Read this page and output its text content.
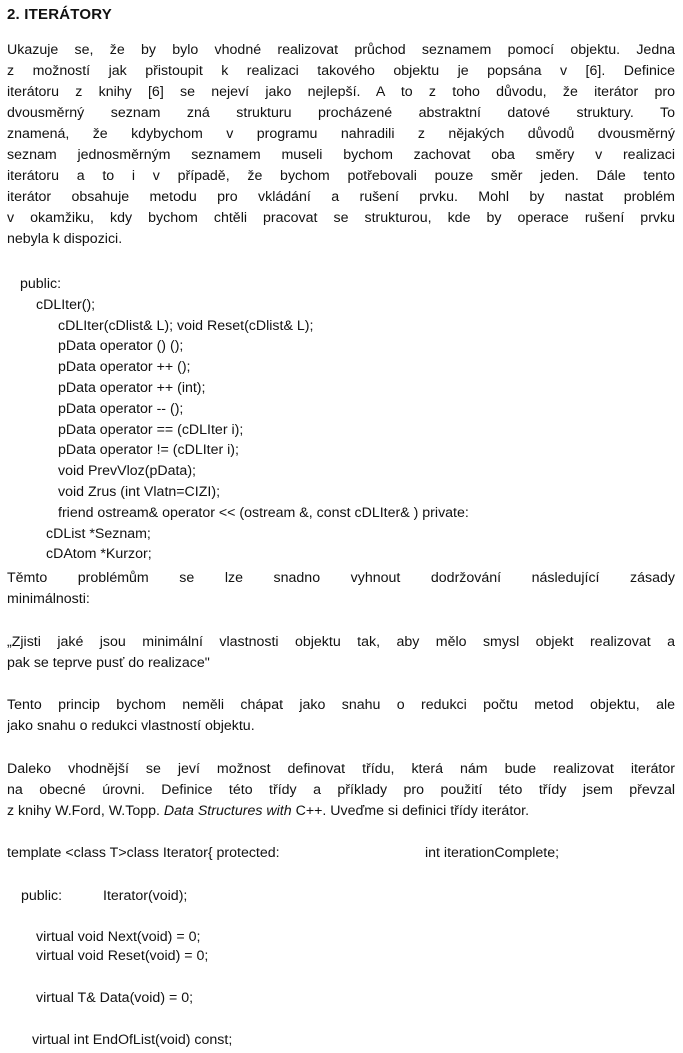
2. ITERÁTORY
Ukazuje se, že by bylo vhodné realizovat průchod seznamem pomocí objektu. Jedna
z možností jak přistoupit k realizaci takového objektu je popsána v [6]. Definice
iterátoru z knihy [6] se nejeví jako nejlepší. A to z toho důvodu, že iterátor pro
dvousměrný seznam zná strukturu procházené abstraktní datové struktury. To
znamená, že kdybychom v programu nahradili z nějakých důvodů dvousměrný
seznam jednosměrným seznamem museli bychom zachovat oba směry v realizaci
iterátoru a to i v případě, že bychom potřebovali pouze směr jeden. Dále tento
iterátor obsahuje metodu pro vkládání a rušení prvku. Mohl by nastat problém
v okamžiku, kdy bychom chtěli pracovat se strukturou, kde by operace rušení prvku
nebyla k dispozici.
public:
cDLIter();
cDLIter(cDlist& L); void Reset(cDlist& L);
pData operator () ();
pData operator ++ ();
pData operator ++ (int);
pData operator -- ();
pData operator == (cDLIter i);
pData operator != (cDLIter i);
void PrevVloz(pData);
void Zrus (int Vlatn=CIZI);
friend ostream& operator << (ostream &, const cDLIter& ) private:
cDList *Seznam;
cDAtom *Kurzor;
Těmto problémům se lze snadno vyhnout dodržování následující zásady
minimálnosti:
„Zjisti jaké jsou minimální vlastnosti objektu tak, aby mělo smysl objekt realizovat a
pak se teprve pusť do realizace"
Tento princip bychom neměli chápat jako snahu o redukci počtu metod objektu, ale
jako snahu o redukci vlastností objektu.
Daleko vhodnější se jeví možnost definovat třídu, která nám bude realizovat iterátor
na obecné úrovni. Definice této třídy a příklady pro použití této třídy jsem převzal
z knihy W.Ford, W.Topp. Data Structures with C++. Uveďme si definici třídy iterátor.
template <class T>class Iterator{ protected:	int iterationComplete;
public:	Iterator(void);
virtual void Next(void) = 0;
virtual void Reset(void) = 0;
virtual T& Data(void) = 0;
virtual int EndOfList(void) const;
